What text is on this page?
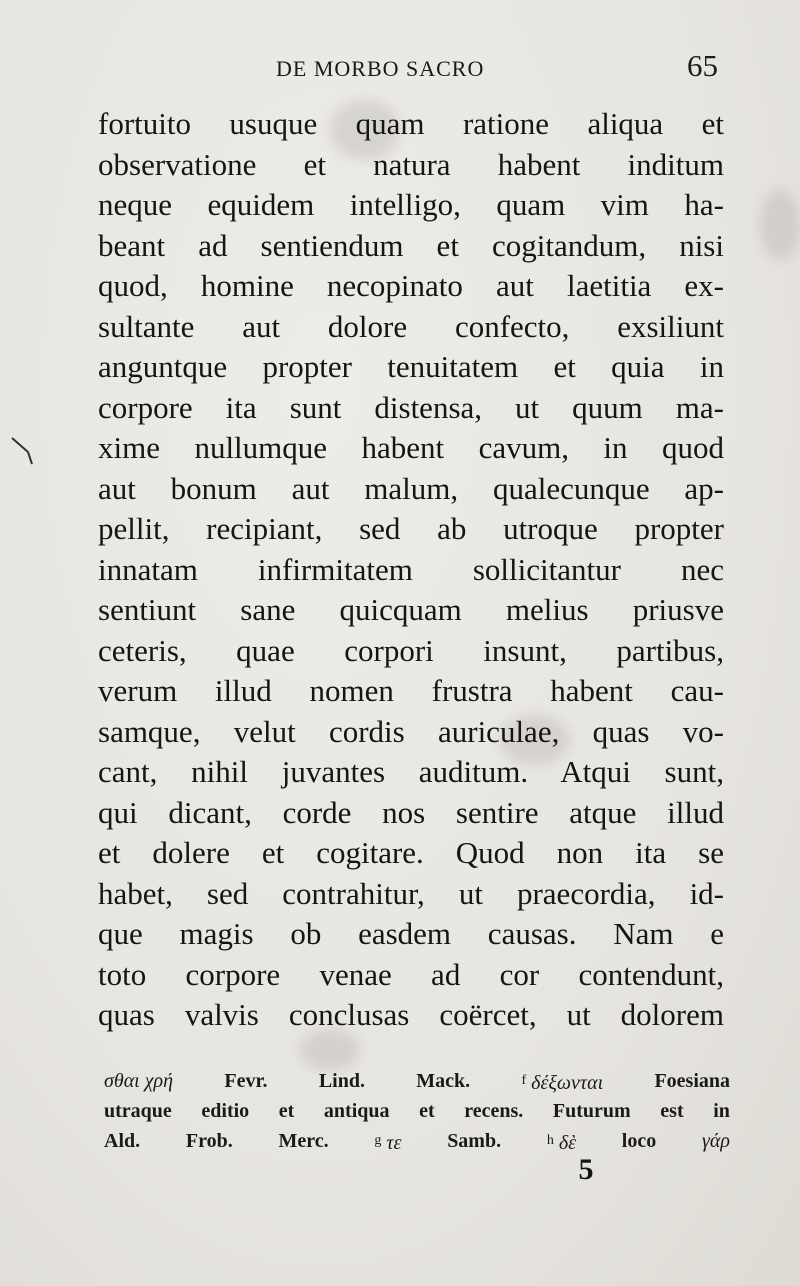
DE MORBO SACRO	65
fortuito usuque quam ratione aliqua et
observatione et natura habent inditum
neque equidem intelligo, quam vim ha-
beant ad sentiendum et cogitandum, nisi
quod, homine necopinato aut laetitia ex-
sultante aut dolore confecto, exsiliunt
anguntque propter tenuitatem et quia in
corpore ita sunt distensa, ut quum ma-
xime nullumque habent cavum, in quod
aut bonum aut malum, qualecunque ap-
pellit, recipiant, sed ab utroque propter
innatam infirmitatem sollicitantur nec
sentiunt sane quicquam melius priusve
ceteris, quae corpori insunt, partibus,
verum illud nomen frustra habent cau-
samque, velut cordis auriculae, quas vo-
cant, nihil juvantes auditum. Atqui sunt,
qui dicant, corde nos sentire atque illud
et dolere et cogitare. Quod non ita se
habet, sed contrahitur, ut praecordia, id-
que magis ob easdem causas. Nam e
toto corpore venae ad cor contendunt,
quas valvis conclusas coërcet, ut dolorem
σθαι χρή	Fevr.	Lind.	Mack.	f δέξωνται	Foesiana
utraque editio et antiqua et recens. Futurum est in
Ald. Frob. Merc.	g τε Samb.	h δὲ loco γάρ
5
